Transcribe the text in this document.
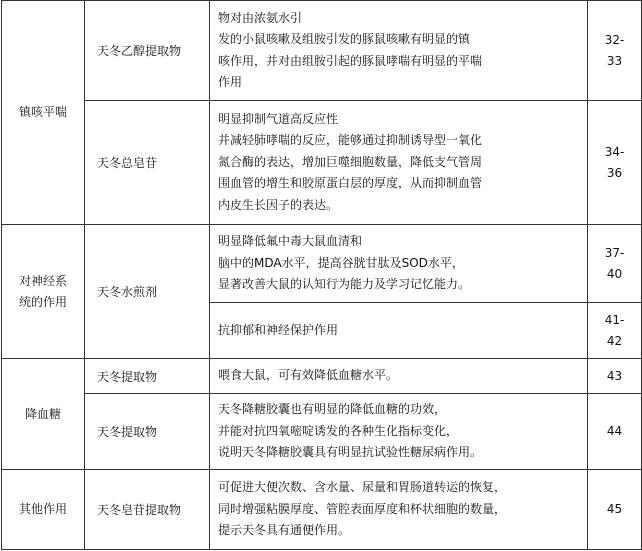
镇咳平喘	天冬乙醇提取物	物对由浓氨水引
发的小鼠咳嗽及组胺引发的豚鼠咳嗽有明显的镇
咳作用，并对由组胺引起的豚鼠哮喘有明显的平喘
作用	32-
33

	天冬总皂苷	明显抑制气道高反应性
并减轻肺哮喘的反应，能够通过抑制诱导型一氧化
氮合酶的表达，增加巨噬细胞数量，降低支气管周
围血管的增生和胶原蛋白层的厚度，从而抑制血管
内皮生长因子的表达。	34-
36

对神经系
统的作用	天冬水煎剂	明显降低氟中毒大鼠血清和
脑中的MDA水平，提高谷胱甘肽及SOD水平，
显著改善大鼠的认知行为能力及学习记忆能力。	37-
40

		抗抑郁和神经保护作用	41-
42

降血糖	天冬提取物	喂食大鼠，可有效降低血糖水平。	43

	天冬提取物	天冬降糖胶囊也有明显的降低血糖的功效，
并能对抗四氧嘧啶诱发的各种生化指标变化，
说明天冬降糖胶囊具有明显抗试验性糖尿病作用。	44

其他作用	天冬皂苷提取物	可促进大便次数、含水量、尿量和胃肠道转运的恢复，
同时增强粘膜厚度、管腔表面厚度和杯状细胞的数量，
提示天冬具有通便作用。	45
